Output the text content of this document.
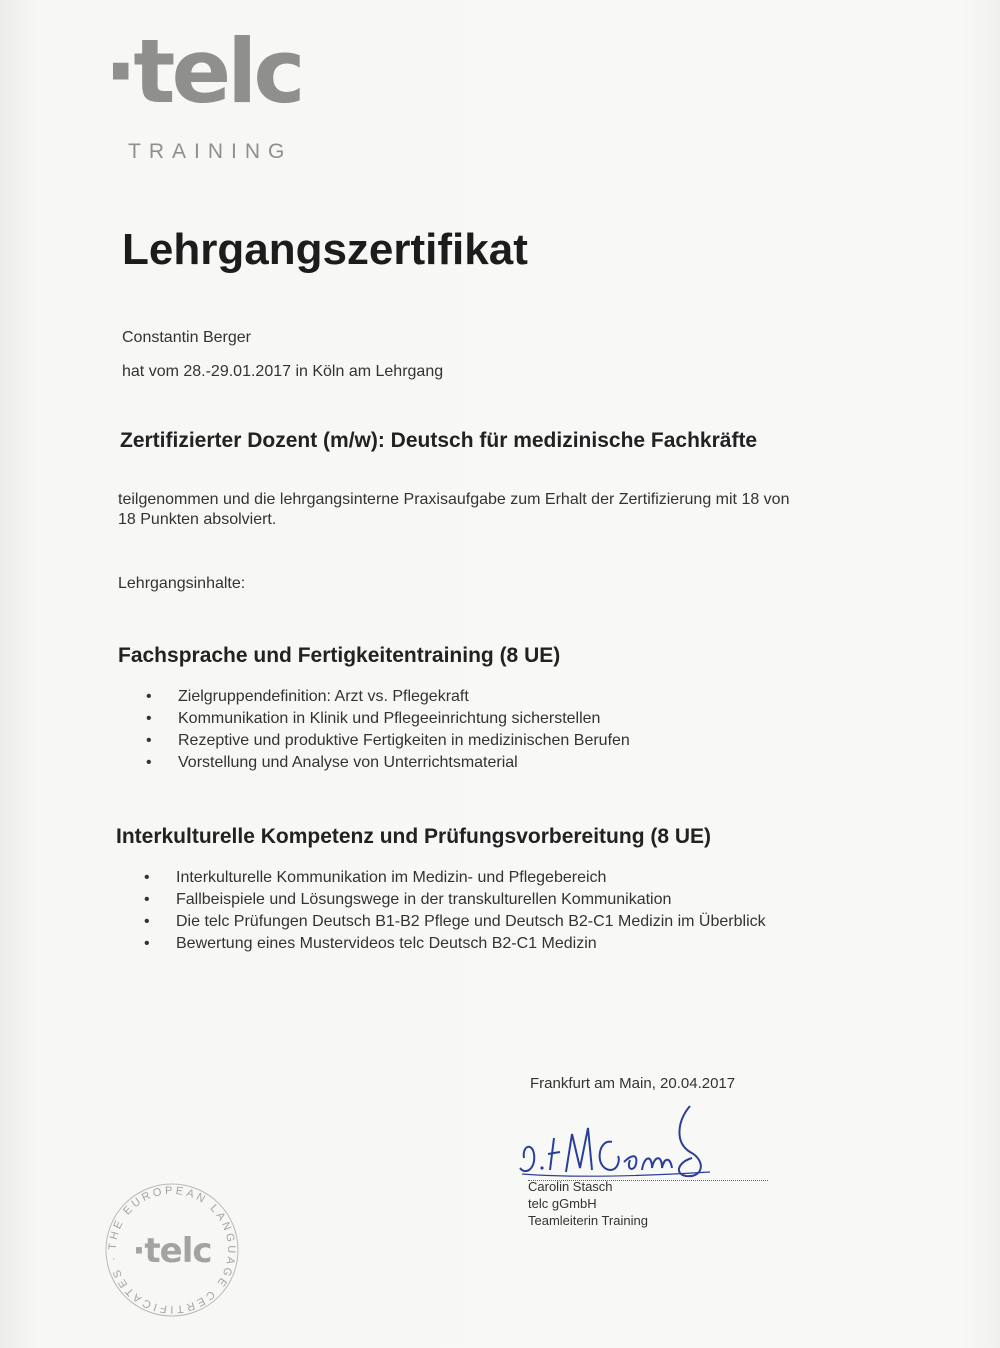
·telc
TRAINING
Lehrgangszertifikat
Constantin Berger
hat vom 28.-29.01.2017 in Köln am Lehrgang
Zertifizierter Dozent (m/w): Deutsch für medizinische Fachkräfte
teilgenommen und die lehrgangsinterne Praxisaufgabe zum Erhalt der Zertifizierung mit 18 von
18 Punkten absolviert.
Lehrgangsinhalte:
Fachsprache und Fertigkeitentraining (8 UE)
• Zielgruppendefinition: Arzt vs. Pflegekraft
• Kommunikation in Klinik und Pflegeeinrichtung sicherstellen
• Rezeptive und produktive Fertigkeiten in medizinischen Berufen
• Vorstellung und Analyse von Unterrichtsmaterial
Interkulturelle Kompetenz und Prüfungsvorbereitung (8 UE)
• Interkulturelle Kommunikation im Medizin- und Pflegebereich
• Fallbeispiele und Lösungswege in der transkulturellen Kommunikation
• Die telc Prüfungen Deutsch B1-B2 Pflege und Deutsch B2-C1 Medizin im Überblick
• Bewertung eines Mustervideos telc Deutsch B2-C1 Medizin
Frankfurt am Main, 20.04.2017
Carolin Stasch
telc gGmbH
Teamleiterin Training
THE EUROPEAN LANGUAGE CERTIFICATES · ·telc
